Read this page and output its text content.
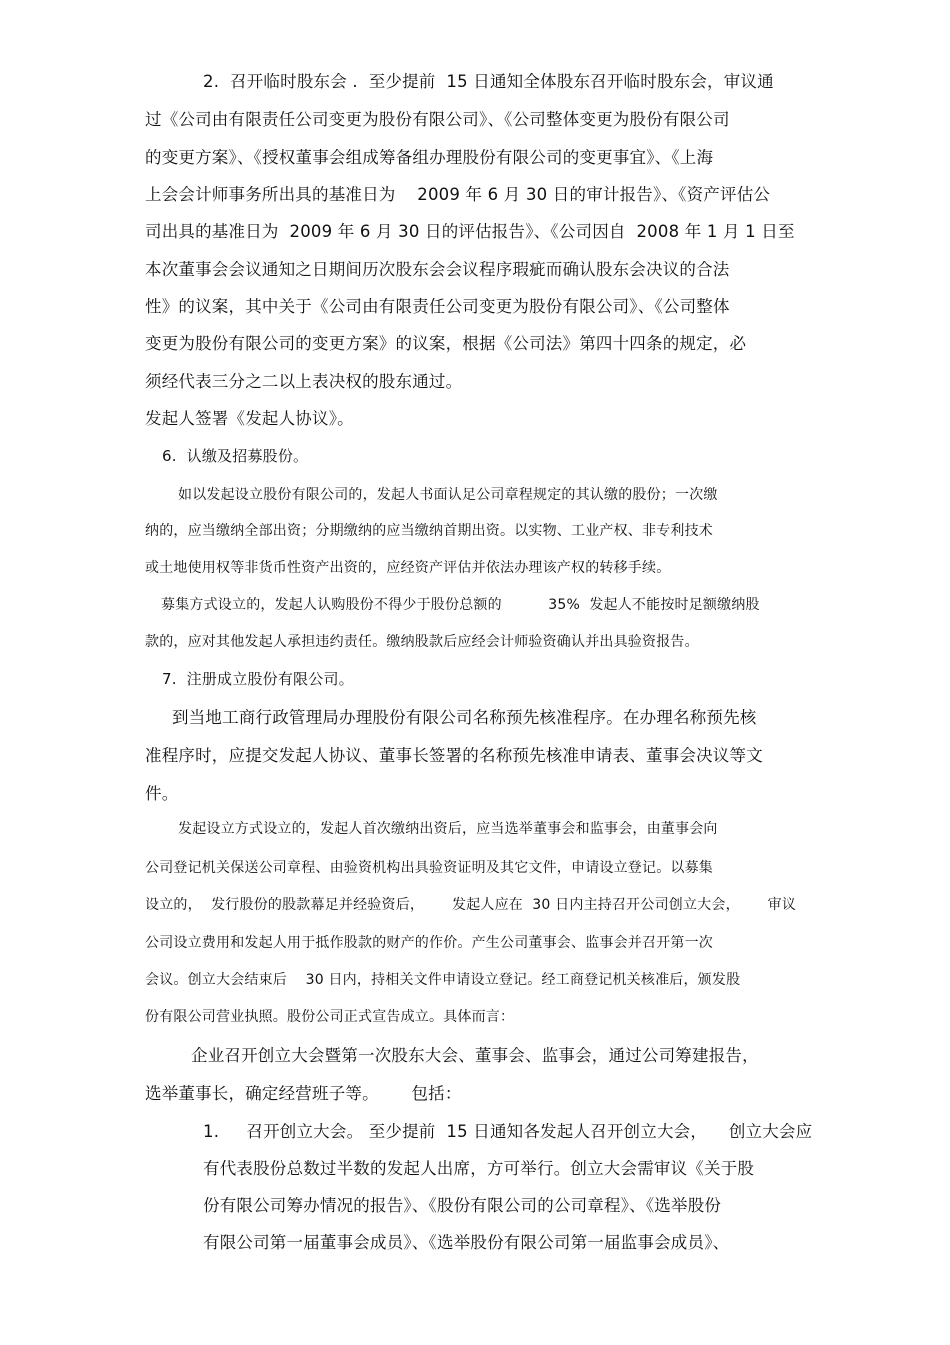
2.  召开临时股东会 .  至少提前  15 日通知全体股东召开临时股东会，审议通
过《公司由有限责任公司变更为股份有限公司》、《公司整体变更为股份有限公司
的变更方案》、《授权董事会组成筹备组办理股份有限公司的变更事宜》、《上海
上会会计师事务所出具的基准日为    2009 年 6 月 30 日的审计报告》、《资产评估公
司出具的基准日为  2009 年 6 月 30 日的评估报告》、《公司因自  2008 年 1 月 1 日至
本次董事会会议通知之日期间历次股东会会议程序瑕疵而确认股东会决议的合法
性》的议案，其中关于《公司由有限责任公司变更为股份有限公司》、《公司整体
变更为股份有限公司的变更方案》的议案，根据《公司法》第四十四条的规定，必
须经代表三分之二以上表决权的股东通过。
发起人签署《发起人协议》。
6.  认缴及招募股份。
如以发起设立股份有限公司的，发起人书面认足公司章程规定的其认缴的股份；一次缴
纳的，应当缴纳全部出资；分期缴纳的应当缴纳首期出资。以实物、工业产权、非专利技术
或土地使用权等非货币性资产出资的，应经资产评估并依法办理该产权的转移手续。
募集方式设立的，发起人认购股份不得少于股份总额的          35%  发起人不能按时足额缴纳股
款的，应对其他发起人承担违约责任。缴纳股款后应经会计师验资确认并出具验资报告。
7.  注册成立股份有限公司。
到当地工商行政管理局办理股份有限公司名称预先核准程序。在办理名称预先核
准程序时，应提交发起人协议、董事长签署的名称预先核准申请表、董事会决议等文
件。
发起设立方式设立的，发起人首次缴纳出资后，应当选举董事会和监事会，由董事会向
公司登记机关保送公司章程、由验资机构出具验资证明及其它文件，申请设立登记。以募集
设立的，  发行股份的股款幕足并经验资后，      发起人应在  30 日内主持召开公司创立大会，      审议
公司设立费用和发起人用于抵作股款的财产的作价。产生公司董事会、监事会并召开第一次
会议。创立大会结束后    30 日内，持相关文件申请设立登记。经工商登记机关核准后，颁发股
份有限公司营业执照。股份公司正式宣告成立。具体而言：
企业召开创立大会暨第一次股东大会、董事会、监事会，通过公司筹建报告，
选举董事长，确定经营班子等。      包括：
1.     召开创立大会。 至少提前  15 日通知各发起人召开创立大会，    创立大会应
有代表股份总数过半数的发起人出席，方可举行。创立大会需审议《关于股
份有限公司筹办情况的报告》、《股份有限公司的公司章程》、《选举股份
有限公司第一届董事会成员》、《选举股份有限公司第一届监事会成员》、
